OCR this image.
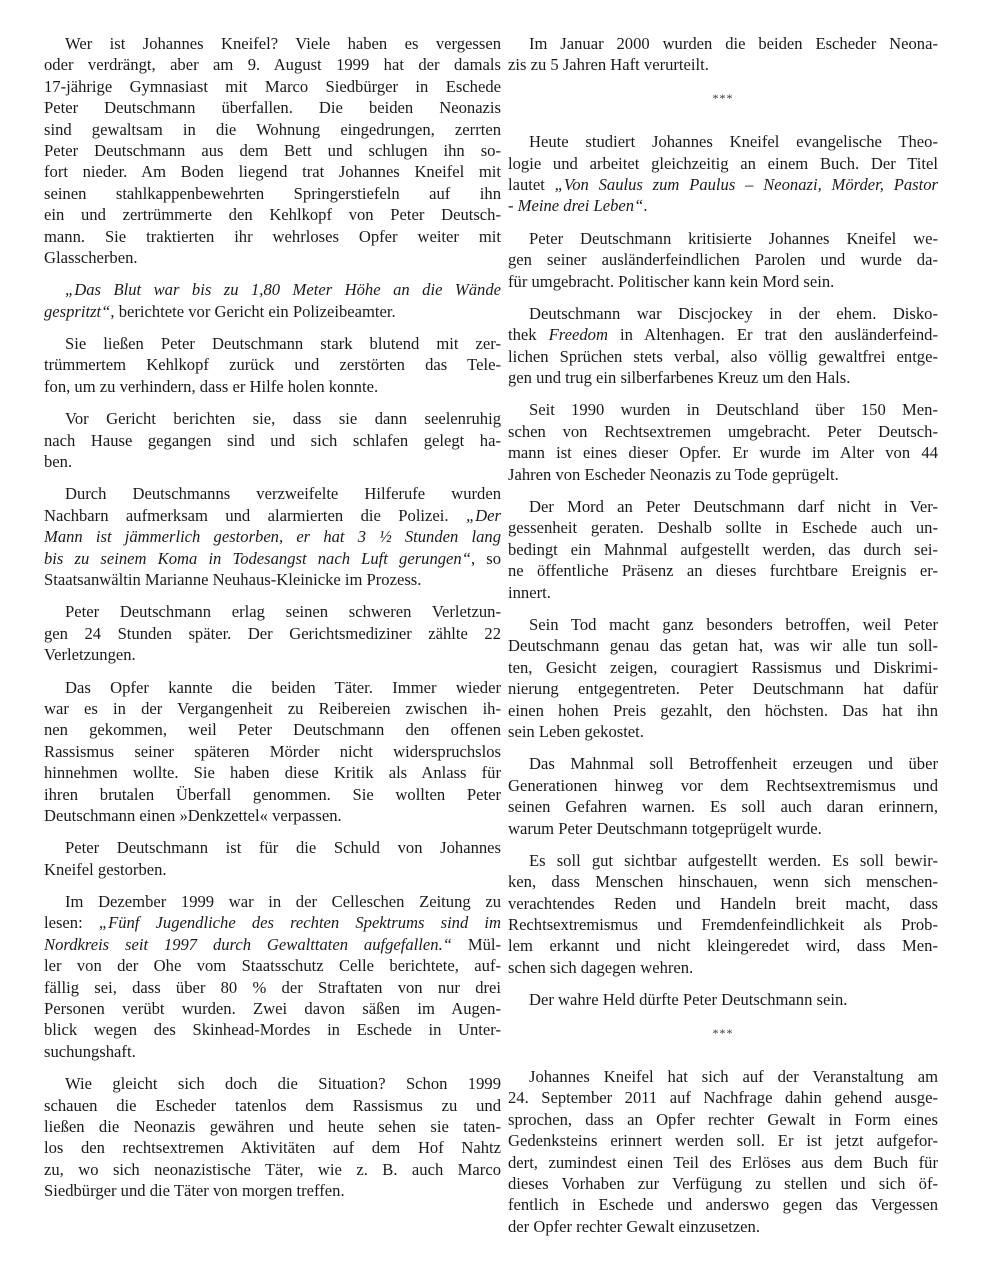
Wer ist Johannes Kneifel? Viele haben es vergessen
oder verdrängt, aber am 9. August 1999 hat der damals
17-jährige Gymnasiast mit Marco Siedbürger in Eschede
Peter Deutschmann überfallen. Die beiden Neonazis
sind gewaltsam in die Wohnung eingedrungen, zerrten
Peter Deutschmann aus dem Bett und schlugen ihn so-
fort nieder. Am Boden liegend trat Johannes Kneifel mit
seinen stahlkappenbewehrten Springerstiefeln auf ihn
ein und zertrümmerte den Kehlkopf von Peter Deutsch-
mann. Sie traktierten ihr wehrloses Opfer weiter mit
Glasscherben.
„Das Blut war bis zu 1,80 Meter Höhe an die Wände
gespritzt“, berichtete vor Gericht ein Polizeibeamter.
Sie ließen Peter Deutschmann stark blutend mit zer-
trümmertem Kehlkopf zurück und zerstörten das Tele-
fon, um zu verhindern, dass er Hilfe holen konnte.
Vor Gericht berichten sie, dass sie dann seelenruhig
nach Hause gegangen sind und sich schlafen gelegt ha-
ben.
Durch Deutschmanns verzweifelte Hilferufe wurden
Nachbarn aufmerksam und alarmierten die Polizei. „Der
Mann ist jämmerlich gestorben, er hat 3 ½ Stunden lang
bis zu seinem Koma in Todesangst nach Luft gerungen“, so
Staatsanwältin Marianne Neuhaus-Kleinicke im Prozess.
Peter Deutschmann erlag seinen schweren Verletzun-
gen 24 Stunden später. Der Gerichtsmediziner zählte 22
Verletzungen.
Das Opfer kannte die beiden Täter. Immer wieder
war es in der Vergangenheit zu Reibereien zwischen ih-
nen gekommen, weil Peter Deutschmann den offenen
Rassismus seiner späteren Mörder nicht widerspruchslos
hinnehmen wollte. Sie haben diese Kritik als Anlass für
ihren brutalen Überfall genommen. Sie wollten Peter
Deutschmann einen »Denkzettel« verpassen.
Peter Deutschmann ist für die Schuld von Johannes
Kneifel gestorben.
Im Dezember 1999 war in der Celleschen Zeitung zu
lesen: „Fünf Jugendliche des rechten Spektrums sind im
Nordkreis seit 1997 durch Gewalttaten aufgefallen.“ Mül-
ler von der Ohe vom Staatsschutz Celle berichtete, auf-
fällig sei, dass über 80 % der Straftaten von nur drei
Personen verübt wurden. Zwei davon säßen im Augen-
blick wegen des Skinhead-Mordes in Eschede in Unter-
suchungshaft.
Wie gleicht sich doch die Situation? Schon 1999
schauen die Escheder tatenlos dem Rassismus zu und
ließen die Neonazis gewähren und heute sehen sie taten-
los den rechtsextremen Aktivitäten auf dem Hof Nahtz
zu, wo sich neonazistische Täter, wie z. B. auch Marco
Siedbürger und die Täter von morgen treffen.
Im Januar 2000 wurden die beiden Escheder Neona-
zis zu 5 Jahren Haft verurteilt.
***
Heute studiert Johannes Kneifel evangelische Theo-
logie und arbeitet gleichzeitig an einem Buch. Der Titel
lautet „Von Saulus zum Paulus – Neonazi, Mörder, Pastor
- Meine drei Leben“.
Peter Deutschmann kritisierte Johannes Kneifel we-
gen seiner ausländerfeindlichen Parolen und wurde da-
für umgebracht. Politischer kann kein Mord sein.
Deutschmann war Discjockey in der ehem. Disko-
thek Freedom in Altenhagen. Er trat den ausländerfeind-
lichen Sprüchen stets verbal, also völlig gewaltfrei entge-
gen und trug ein silberfarbenes Kreuz um den Hals.
Seit 1990 wurden in Deutschland über 150 Men-
schen von Rechtsextremen umgebracht. Peter Deutsch-
mann ist eines dieser Opfer. Er wurde im Alter von 44
Jahren von Escheder Neonazis zu Tode geprügelt.
Der Mord an Peter Deutschmann darf nicht in Ver-
gessenheit geraten. Deshalb sollte in Eschede auch un-
bedingt ein Mahnmal aufgestellt werden, das durch sei-
ne öffentliche Präsenz an dieses furchtbare Ereignis er-
innert.
Sein Tod macht ganz besonders betroffen, weil Peter
Deutschmann genau das getan hat, was wir alle tun soll-
ten, Gesicht zeigen, couragiert Rassismus und Diskrimi-
nierung entgegentreten. Peter Deutschmann hat dafür
einen hohen Preis gezahlt, den höchsten. Das hat ihn
sein Leben gekostet.
Das Mahnmal soll Betroffenheit erzeugen und über
Generationen hinweg vor dem Rechtsextremismus und
seinen Gefahren warnen. Es soll auch daran erinnern,
warum Peter Deutschmann totgeprügelt wurde.
Es soll gut sichtbar aufgestellt werden. Es soll bewir-
ken, dass Menschen hinschauen, wenn sich menschen-
verachtendes Reden und Handeln breit macht, dass
Rechtsextremismus und Fremdenfeindlichkeit als Prob-
lem erkannt und nicht kleingeredet wird, dass Men-
schen sich dagegen wehren.
Der wahre Held dürfte Peter Deutschmann sein.
***
Johannes Kneifel hat sich auf der Veranstaltung am
24. September 2011 auf Nachfrage dahin gehend ausge-
sprochen, dass an Opfer rechter Gewalt in Form eines
Gedenksteins erinnert werden soll. Er ist jetzt aufgefor-
dert, zumindest einen Teil des Erlöses aus dem Buch für
dieses Vorhaben zur Verfügung zu stellen und sich öf-
fentlich in Eschede und anderswo gegen das Vergessen
der Opfer rechter Gewalt einzusetzen.
